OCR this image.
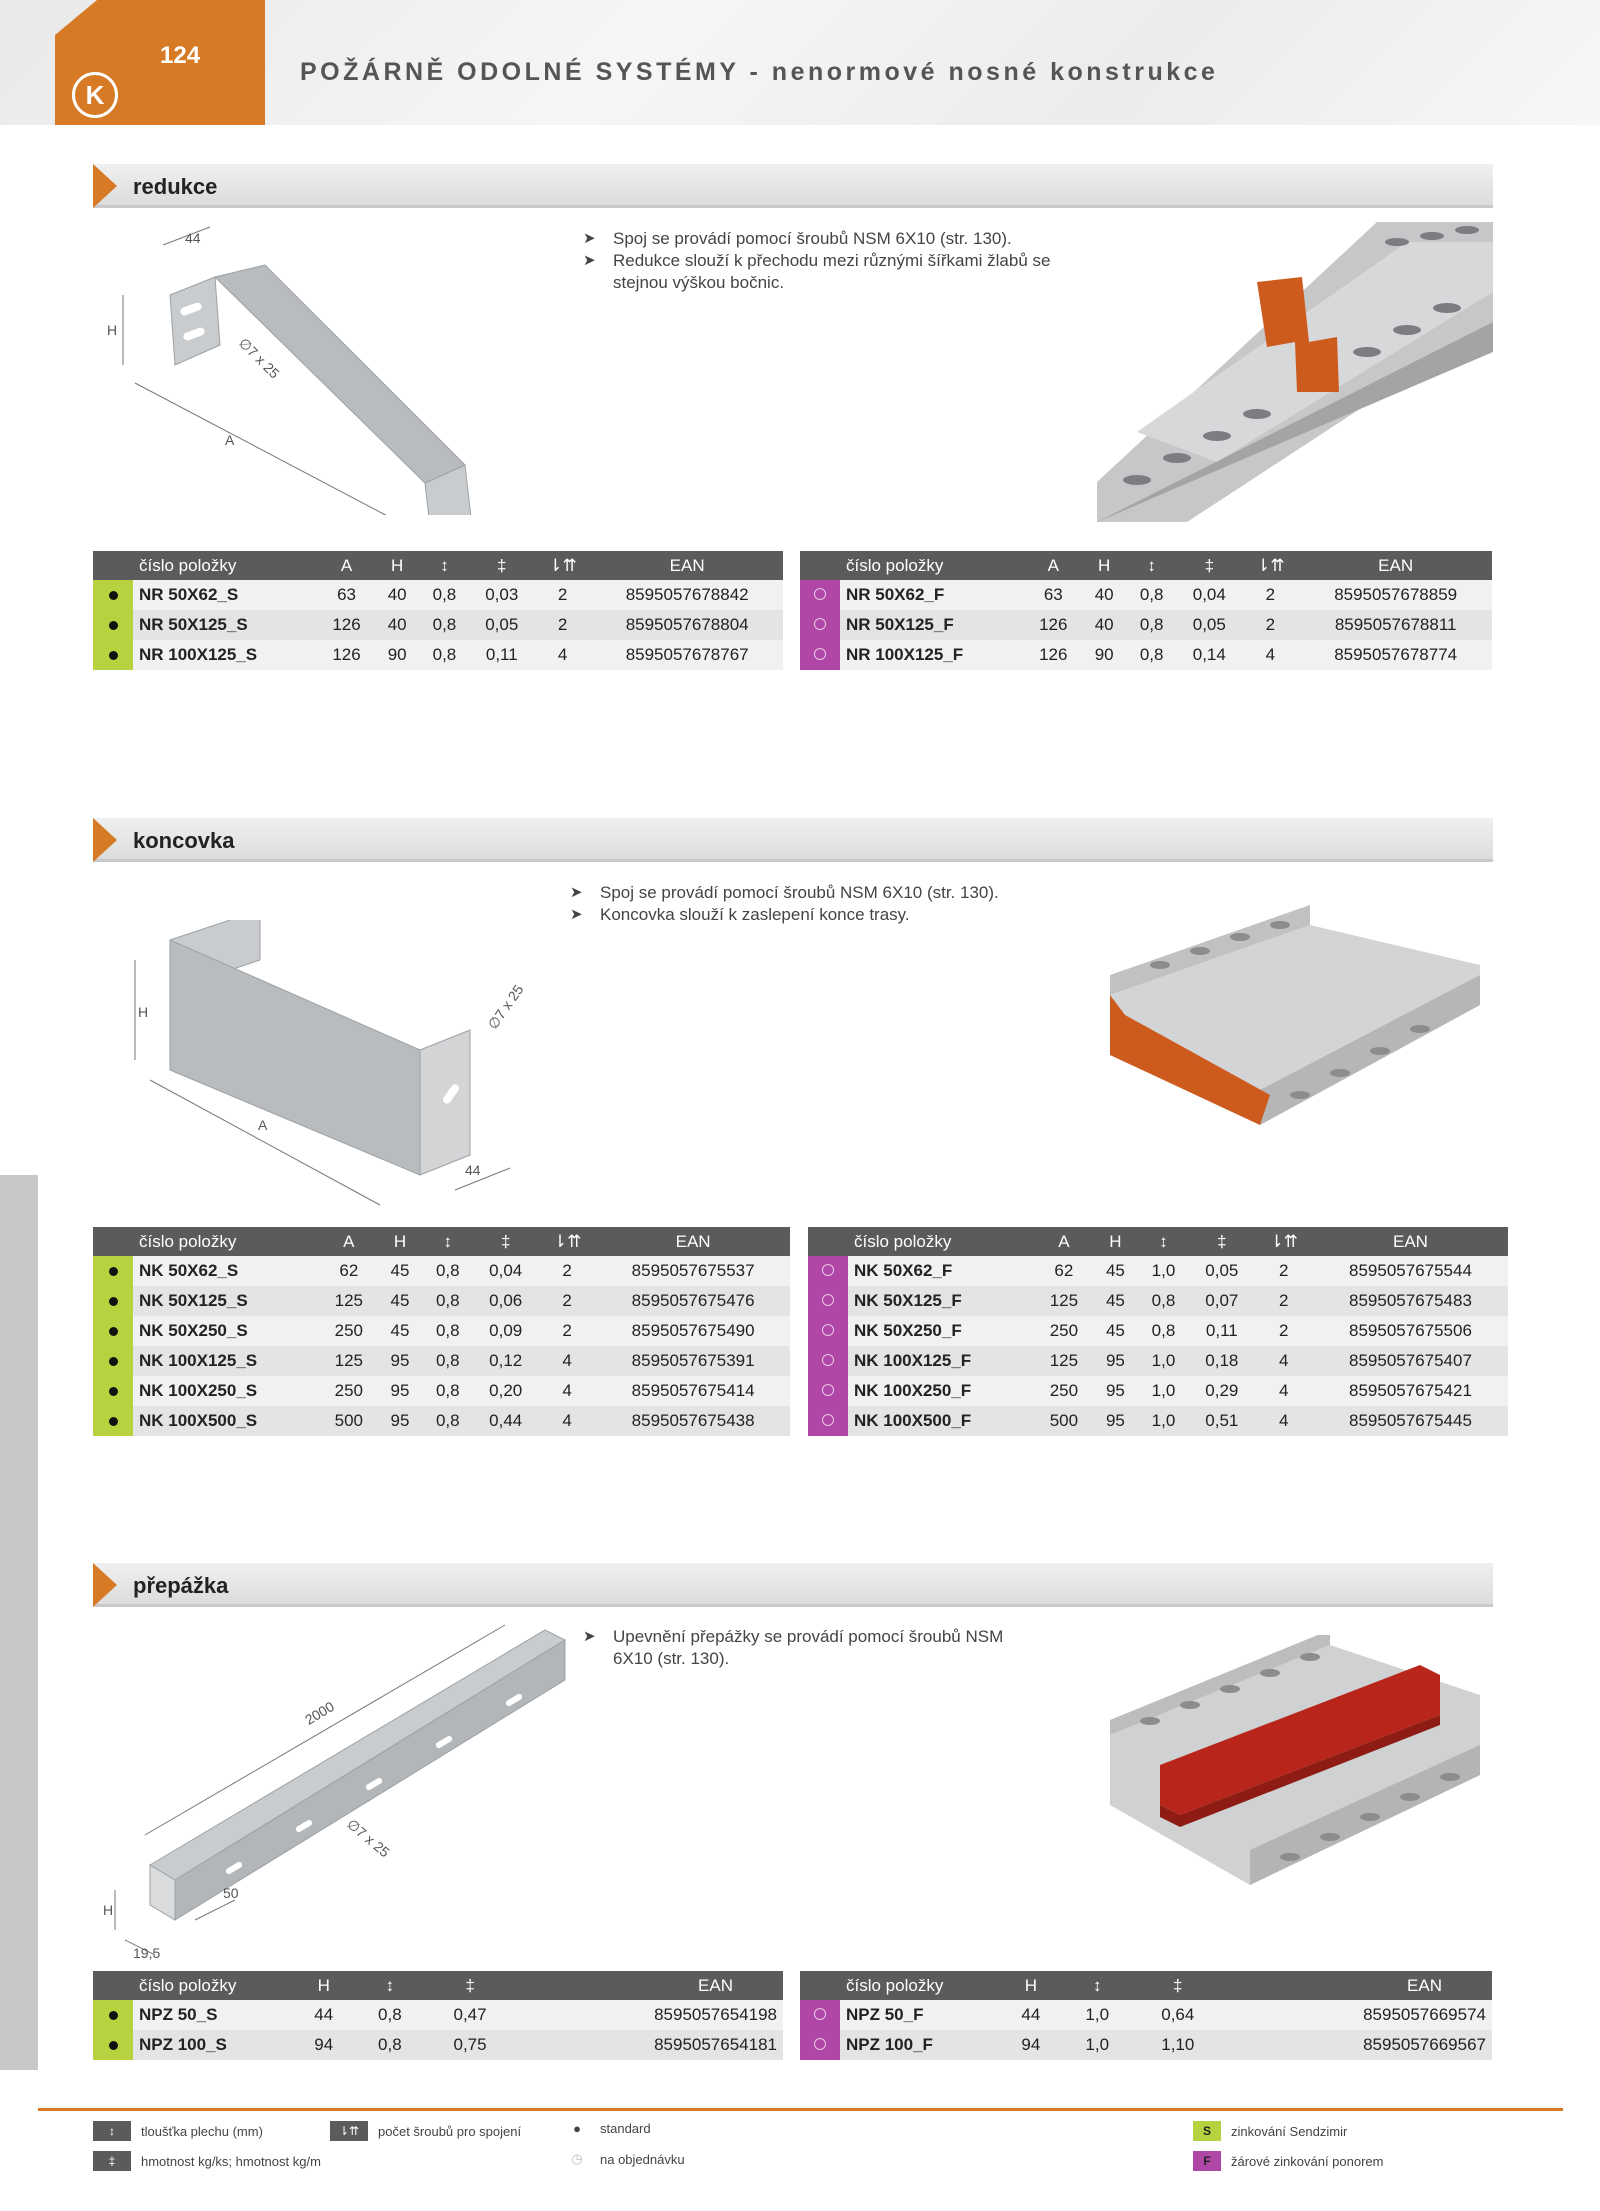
124
K
POŽÁRNĚ ODOLNÉ SYSTÉMY - nenormové nosné konstrukce
redukce
44
H
∅7 x 25
A
➤	Spoj se provádí pomocí šroubů NSM 6X10 (str. 130).
➤	Redukce slouží k přechodu mezi různými šířkami žlabů se stejnou výškou bočnic.
	číslo položky	A	H	↕	‡	⇂⇈	EAN
	NR 50X62_S	63	40	0,8	0,03	2	8595057678842
	NR 50X125_S	126	40	0,8	0,05	2	8595057678804
	NR 100X125_S	126	90	0,8	0,11	4	8595057678767
	číslo položky	A	H	↕	‡	⇂⇈	EAN
	NR 50X62_F	63	40	0,8	0,04	2	8595057678859
	NR 50X125_F	126	40	0,8	0,05	2	8595057678811
	NR 100X125_F	126	90	0,8	0,14	4	8595057678774
koncovka
H	∅7 x 25
A
44
➤	Spoj se provádí pomocí šroubů NSM 6X10 (str. 130).
➤	Koncovka slouží k zaslepení konce trasy.
	číslo položky	A	H	↕	‡	⇂⇈	EAN
	NK 50X62_S	62	45	0,8	0,04	2	8595057675537
	NK 50X125_S	125	45	0,8	0,06	2	8595057675476
	NK 50X250_S	250	45	0,8	0,09	2	8595057675490
	NK 100X125_S	125	95	0,8	0,12	4	8595057675391
	NK 100X250_S	250	95	0,8	0,20	4	8595057675414
	NK 100X500_S	500	95	0,8	0,44	4	8595057675438
	číslo položky	A	H	↕	‡	⇂⇈	EAN
	NK 50X62_F	62	45	1,0	0,05	2	8595057675544
	NK 50X125_F	125	45	0,8	0,07	2	8595057675483
	NK 50X250_F	250	45	0,8	0,11	2	8595057675506
	NK 100X125_F	125	95	1,0	0,18	4	8595057675407
	NK 100X250_F	250	95	1,0	0,29	4	8595057675421
	NK 100X500_F	500	95	1,0	0,51	4	8595057675445
přepážka
2000
∅7 x 25
50
H
19,5
➤	Upevnění přepážky se provádí pomocí šroubů NSM 6X10 (str. 130).
	číslo položky	H	↕	‡	EAN
	NPZ 50_S	44	0,8	0,47	8595057654198
	NPZ 100_S	94	0,8	0,75	8595057654181
	číslo položky	H	↕	‡	EAN
	NPZ 50_F	44	1,0	0,64	8595057669574
	NPZ 100_F	94	1,0	1,10	8595057669567
↕	tloušťka plechu (mm)
‡	hmotnost kg/ks; hmotnost kg/m
⇂⇈	počet šroubů pro spojení	●	standard
◷	na objednávku
S	zinkování Sendzimir
F	žárové zinkování ponorem
